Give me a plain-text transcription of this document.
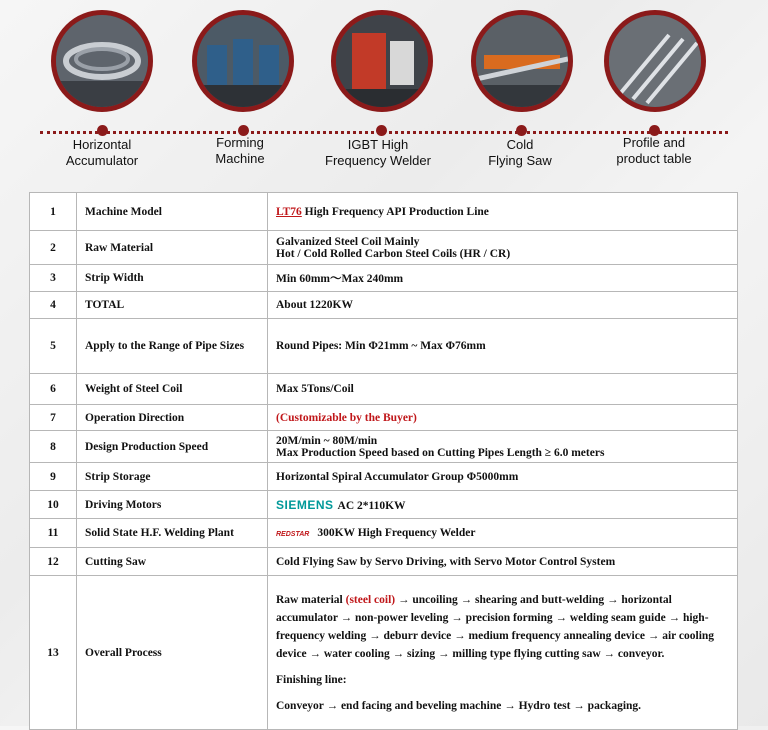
Horizontal
Accumulator
Forming
Machine
IGBT High
Frequency Welder
Cold
Flying Saw
Profile and
product table
1	Machine Model	LT76 High Frequency API Production Line
2	Raw Material	Galvanized Steel Coil Mainly
Hot / Cold Rolled Carbon Steel Coils (HR / CR)

3	Strip Width	Min 60mm～Max 240mm
4	TOTAL	About 1220KW
5	Apply to the Range of Pipe Sizes	Round Pipes: Min Φ21mm ~ Max Φ76mm
6	Weight of Steel Coil	Max 5Tons/Coil
7	Operation Direction	(Customizable by the Buyer)
8	Design Production Speed	20M/min ~ 80M/min
Max Production Speed based on Cutting Pipes Length ≥ 6.0 meters

9	Strip Storage	Horizontal Spiral Accumulator Group Φ5000mm
10	Driving Motors	SIEMENS AC 2*110KW
11	Solid State H.F. Welding Plant	REDSTAR 300KW High Frequency Welder
12	Cutting Saw	Cold Flying Saw by Servo Driving, with Servo Motor Control System
13	Overall Process	Raw material (steel coil) → uncoiling → shearing and butt-welding → horizontal accumulator → non-power leveling → precision forming → welding seam guide → high-frequency welding → deburr device → medium frequency annealing device → air cooling device → water cooling → sizing → milling type flying cutting saw → conveyor.

Finishing line:

Conveyor → end facing and beveling machine → Hydro test → packaging.
